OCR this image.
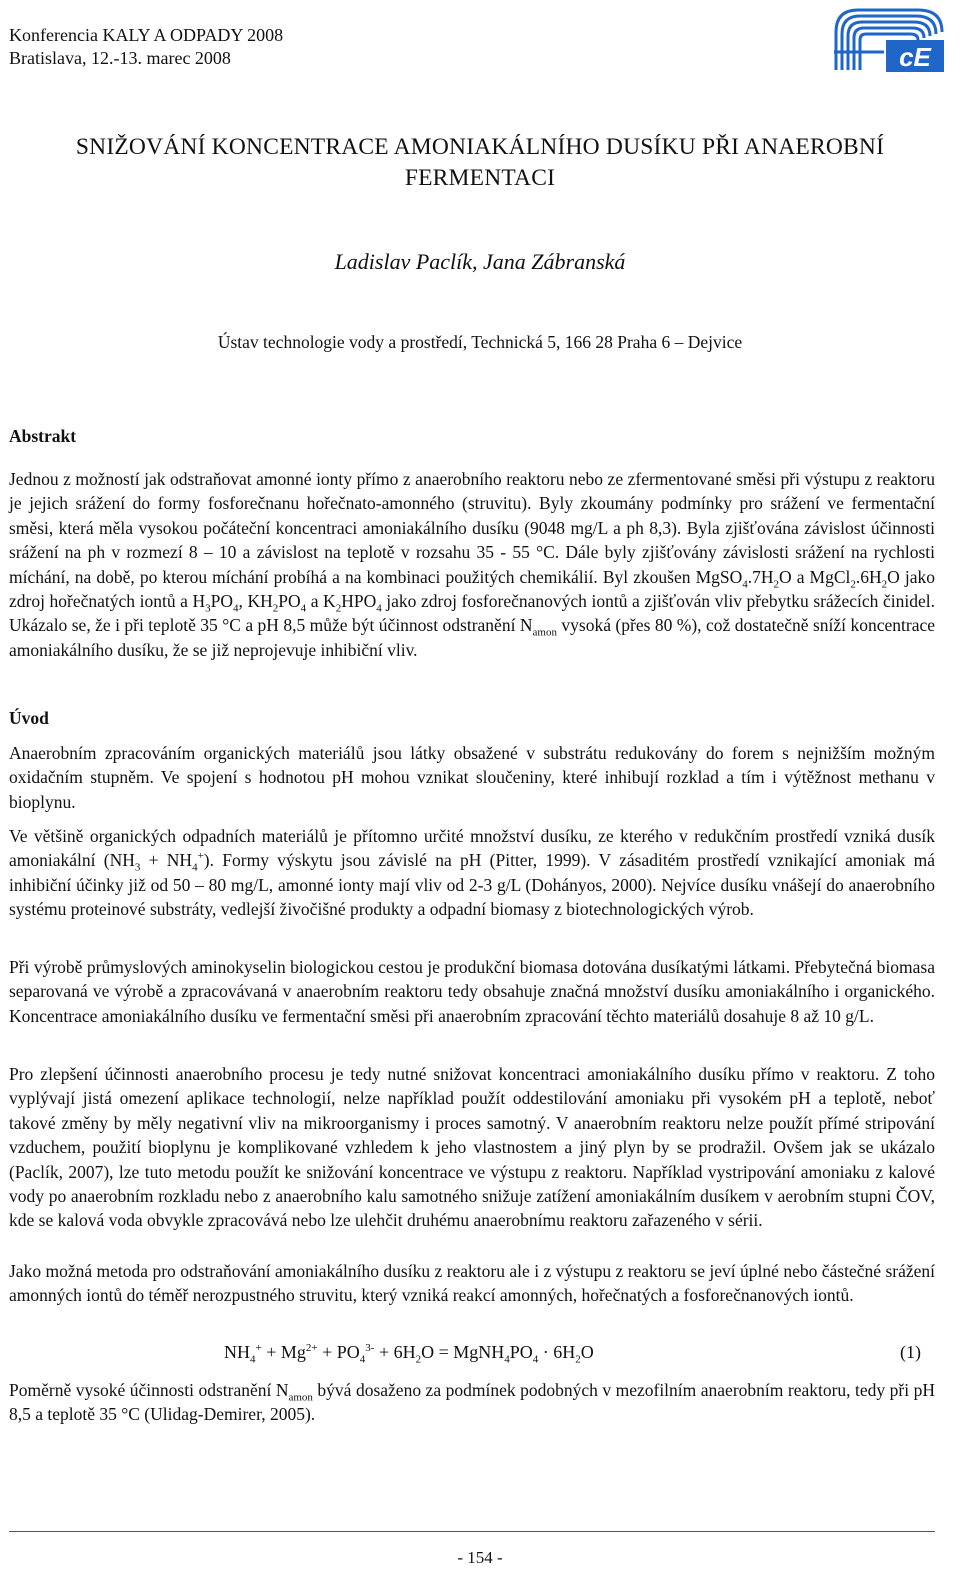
Konferencia KALY A ODPADY 2008
Bratislava, 12.-13. marec 2008	cE
SNIŽOVÁNÍ KONCENTRACE AMONIAKÁLNÍHO DUSÍKU PŘI ANAEROBNÍ FERMENTACI
Ladislav Paclík, Jana Zábranská
Ústav technologie vody a prostředí, Technická 5, 166 28 Praha 6 – Dejvice
Abstrakt

Jednou z možností jak odstraňovat amonné ionty přímo z anaerobního reaktoru nebo ze zfermentované směsi při výstupu z reaktoru je jejich srážení do formy fosforečnanu hořečnato-amonného (struvitu). Byly zkoumány podmínky pro srážení ve fermentační směsi, která měla vysokou počáteční koncentraci amoniakálního dusíku (9048 mg/L a ph 8,3). Byla zjišťována závislost účinnosti srážení na ph v rozmezí 8 – 10 a závislost na teplotě v rozsahu 35 - 55 °C. Dále byly zjišťovány závislosti srážení na rychlosti míchání, na době, po kterou míchání probíhá a na kombinaci použitých chemikálií. Byl zkoušen $MgSO_4.7H_2O$ a $MgCl_2.6H_2O$ jako zdroj hořečnatých iontů a $H_3PO_4$, $KH_2PO_4$ a $K_2HPO_4$ jako zdroj fosforečnanových iontů a zjišťován vliv přebytku srážecích činidel. Ukázalo se, že i při teplotě 35 °C a pH 8,5 může být účinnost odstranění $N_{amon}$ vysoká (přes 80 %), což dostatečně sníží koncentrace amoniakálního dusíku, že se již neprojevuje inhibiční vliv.

Úvod

Anaerobním zpracováním organických materiálů jsou látky obsažené v substrátu redukovány do forem s nejnižším možným oxidačním stupněm. Ve spojení s hodnotou pH mohou vznikat sloučeniny, které inhibují rozklad a tím i výtěžnost methanu v bioplynu.

Ve většině organických odpadních materiálů je přítomno určité množství dusíku, ze kterého v redukčním prostředí vzniká dusík amoniakální $(NH_3 + NH_4^+)$. Formy výskytu jsou závislé na pH (Pitter, 1999). V zásaditém prostředí vznikající amoniak má inhibiční účinky již od 50 – 80 mg/L, amonné ionty mají vliv od 2-3 g/L (Dohányos, 2000). Nejvíce dusíku vnášejí do anaerobního systému proteinové substráty, vedlejší živočišné produkty a odpadní biomasy z biotechnologických výrob.

Při výrobě průmyslových aminokyselin biologickou cestou je produkční biomasa dotována dusíkatými látkami. Přebytečná biomasa separovaná ve výrobě a zpracovávaná v anaerobním reaktoru tedy obsahuje značná množství dusíku amoniakálního i organického. Koncentrace amoniakálního dusíku ve fermentační směsi při anaerobním zpracování těchto materiálů dosahuje 8 až 10 g/L.

Pro zlepšení účinnosti anaerobního procesu je tedy nutné snižovat koncentraci amoniakálního dusíku přímo v reaktoru. Z toho vyplývají jistá omezení aplikace technologií, nelze například použít oddestilování amoniaku při vysokém pH a teplotě, neboť takové změny by měly negativní vliv na mikroorganismy i proces samotný. V anaerobním reaktoru nelze použít přímé stripování vzduchem, použití bioplynu je komplikované vzhledem k jeho vlastnostem a jiný plyn by se prodražil. Ovšem jak se ukázalo (Paclík, 2007), lze tuto metodu použít ke snižování koncentrace ve výstupu z reaktoru. Například vystripování amoniaku z kalové vody po anaerobním rozkladu nebo z anaerobního kalu samotného snižuje zatížení amoniakálním dusíkem v aerobním stupni ČOV, kde se kalová voda obvykle zpracovává nebo lze ulehčit druhému anaerobnímu reaktoru zařazeného v sérii.

Jako možná metoda pro odstraňování amoniakálního dusíku z reaktoru ale i z výstupu z reaktoru se jeví úplné nebo částečné srážení amonných iontů do téměř nerozpustného struvitu, který vzniká reakcí amonných, hořečnatých a fosforečnanových iontů.

$NH_4^+ + Mg^{2+} + PO_4^{3-} + 6H_2O$ = $MgNH_4PO_4 \cdot 6H_2O$	(1)

Poměrně vysoké účinnosti odstranění $N_{amon}$ bývá dosaženo za podmínek podobných v mezofilním anaerobním reaktoru, tedy při pH 8,5 a teplotě 35 °C (Ulidag-Demirer, 2005).

- 154 -
